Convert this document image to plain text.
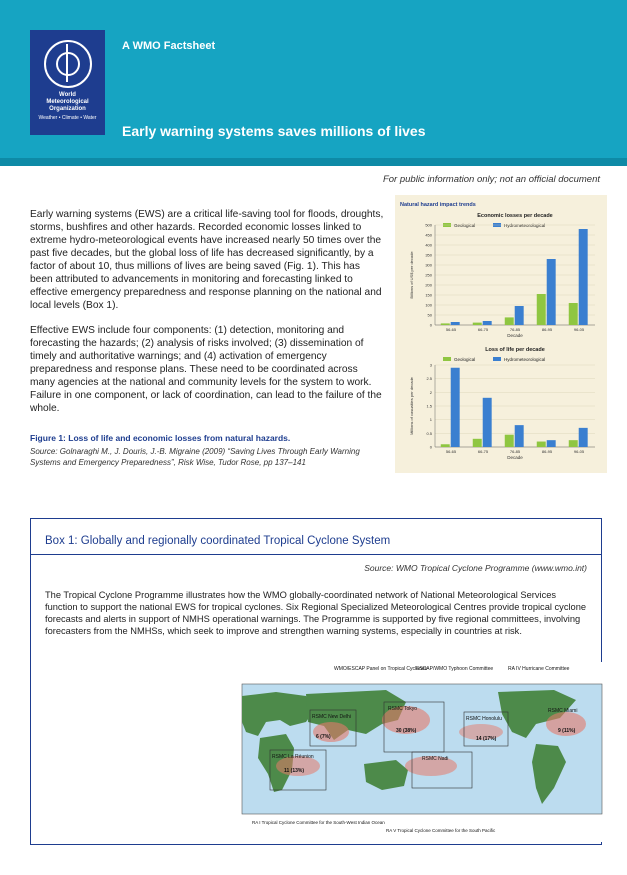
World
Meteorological
Organization
Weather • Climate • Water
A WMO Factsheet
Early warning systems saves millions of lives
For public information only; not an official document

Early warning systems (EWS) are a critical life-saving tool for floods, droughts, storms, bushfires and other hazards. Recorded economic losses linked to extreme hydro-meteorological events have increased nearly 50 times over the past five decades, but the global loss of life has decreased significantly, by a factor of about 10, thus millions of lives are being saved (Fig. 1). This has been attributed to advancements in monitoring and forecasting linked to effective emergency preparedness and response planning on the national and local levels (Box 1).

Effective EWS include four components: (1) detection, monitoring and forecasting the hazards; (2) analysis of risks involved; (3) dissemination of timely and authoritative warnings; and (4) activation of emergency preparedness and response plans. These need to be coordinated across many agencies at the national and community levels for the system to work. Failure in one component, or lack of coordination, can lead to the failure of the whole.

Figure 1: Loss of life and economic losses from natural hazards.
Source: Golnaraghi M., J. Douris, J.-B. Migraine (2009) “Saving Lives Through Early Warning Systems and Emergency Preparedness”, Risk Wise, Tudor Rose, pp 137–141
Natural hazard impact trends
Economic losses per decade
Geological	Hydrometeorological
0
50
100
150
200
250
300
350
400
450
500
56-65	66-75	76-85	86-95	96-05
Decade
Billions of US$ per decade
Loss of life per decade
Geological	Hydrometeorological
0
0.5
1
1.5
2
2.5
3
56-65	66-75	76-85	86-95	96-05
Decade
Millions of casualties per decade
Box 1: Globally and regionally coordinated Tropical Cyclone System
Source: WMO Tropical Cyclone Programme (www.wmo.int)

The Tropical Cyclone Programme illustrates how the WMO globally-coordinated network of National Meteorological Services function to support the national EWS for tropical cyclones. Six Regional Specialized Meteorological Centres provide tropical cyclone forecasts and alerts in support of NMHS operational warnings. The Programme is supported by five regional committees, involving forecasters from the NMHSs, which seek to improve and strengthen warning systems, especially in countries at risk.

WMO/ESCAP Panel on Tropical Cyclones
ESCAP/WMO Typhoon Committee	RA IV Hurricane Committee
RSMC New Delhi
RSMC Tokyo
RSMC Honolulu
RSMC Miami
RSMC La Réunion	RSMC Nadi
RA I Tropical Cyclone Committee for the South-West Indian Ocean
RA V Tropical Cyclone Committee for the South Pacific
30 (38%)
14 (17%)
9 (11%)
6 (7%)
11 (13%)
